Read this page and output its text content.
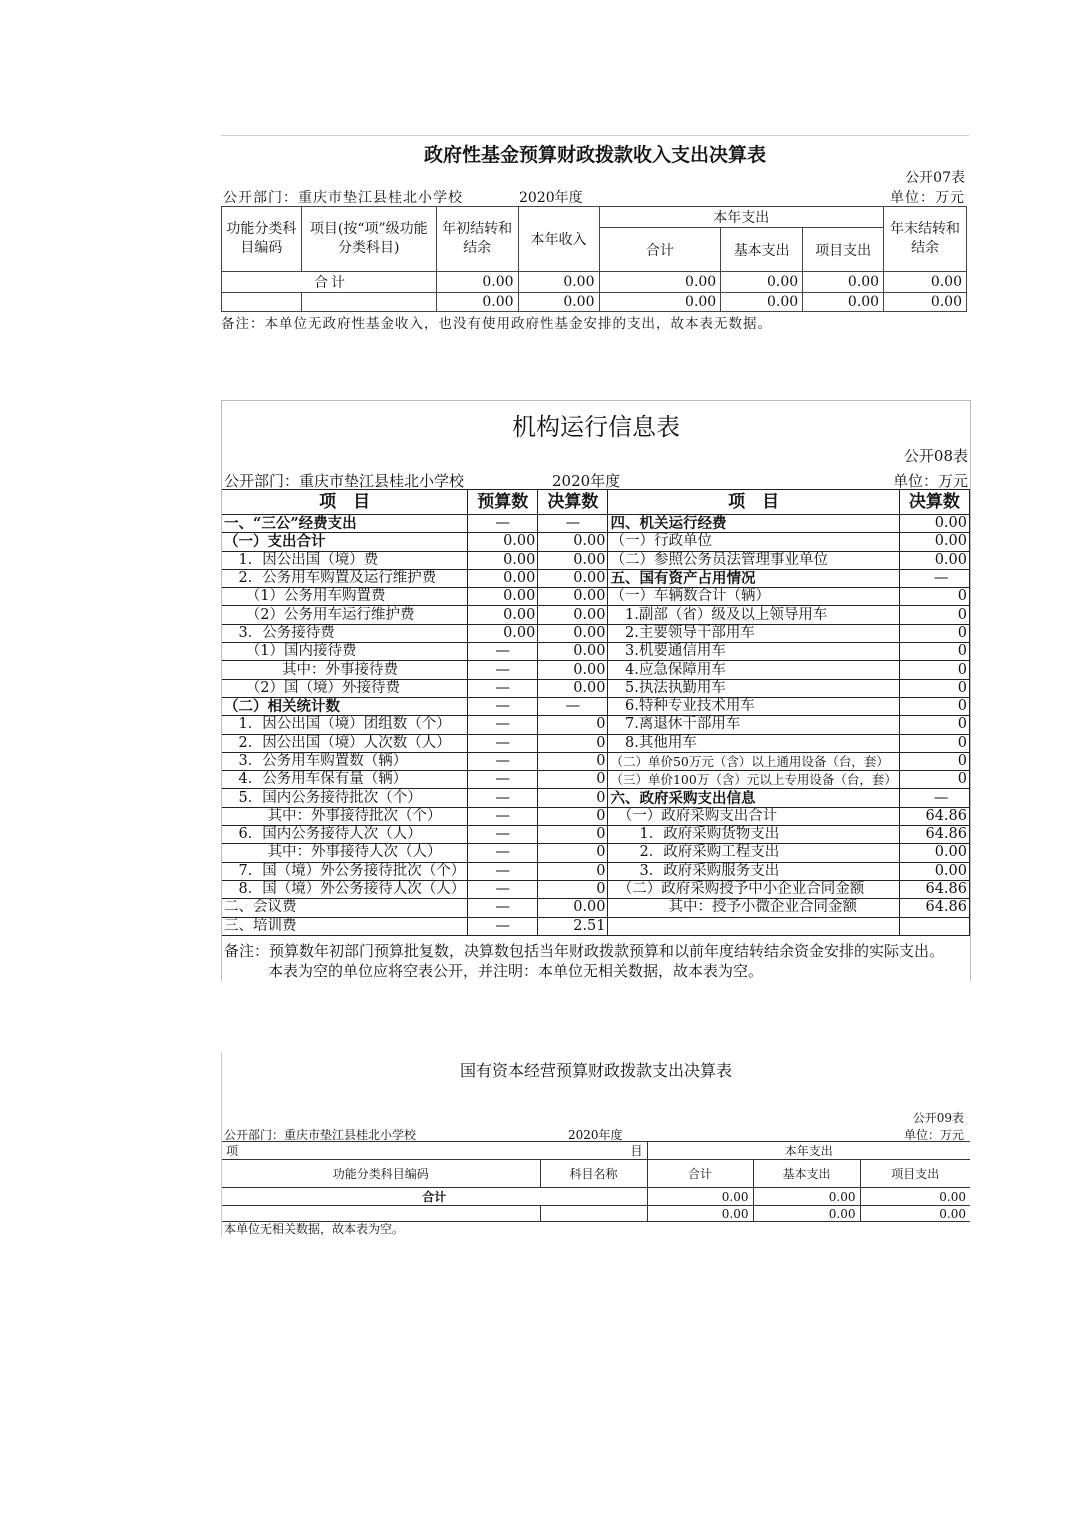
政府性基金预算财政拨款收入支出决算表
公开07表
公开部门：重庆市垫江县桂北小学校	2020年度	单位：万元
功能分类科目编码	项目(按“项”级功能分类科目)	年初结转和结余	本年收入	本年支出			年末结转和结余
				合计	基本支出	项目支出	
合计		0.00	0.00	0.00	0.00	0.00	0.00
		0.00	0.00	0.00	0.00	0.00	0.00
备注：本单位无政府性基金收入，也没有使用政府性基金安排的支出，故本表无数据。
机构运行信息表
公开08表
公开部门：重庆市垫江县桂北小学校	2020年度	单位：万元
项　目	预算数	决算数	项　目	决算数
一、“三公”经费支出	—	—	四、机关运行经费	0.00
（一）支出合计	0.00	0.00	（一）行政单位	0.00
　1．因公出国（境）费	0.00	0.00	（二）参照公务员法管理事业单位	0.00
　2．公务用车购置及运行维护费	0.00	0.00	五、国有资产占用情况	—
　　（1）公务用车购置费	0.00	0.00	（一）车辆数合计（辆）	0
　　（2）公务用车运行维护费	0.00	0.00	　1.副部（省）级及以上领导用车	0
　3．公务接待费	0.00	0.00	　2.主要领导干部用车	0
　　（1）国内接待费	—	0.00	　3.机要通信用车	0
　　　　其中：外事接待费	—	0.00	　4.应急保障用车	0
　　（2）国（境）外接待费	—	0.00	　5.执法执勤用车	0
（二）相关统计数	—	—	　6.特种专业技术用车	0
　1．因公出国（境）团组数（个）	—	0	　7.离退休干部用车	0
　2．因公出国（境）人次数（人）	—	0	　8.其他用车	0
　3．公务用车购置数（辆）	—	0	（二）单价50万元（含）以上通用设备（台，套）	0
　4．公务用车保有量（辆）	—	0	（三）单价100万（含）元以上专用设备（台，套）	0
　5．国内公务接待批次（个）	—	0	六、政府采购支出信息	—
　　　其中：外事接待批次（个）	—	0	　（一）政府采购支出合计	64.86
　6．国内公务接待人次（人）	—	0	　　1．政府采购货物支出	64.86
　　　其中：外事接待人次（人）	—	0	　　2．政府采购工程支出	0.00
　7．国（境）外公务接待批次（个）	—	0	　　3．政府采购服务支出	0.00
　8．国（境）外公务接待人次（人）	—	0	　（二）政府采购授予中小企业合同金额	64.86
二、会议费	—	0.00	　　　　其中：授予小微企业合同金额	64.86
三、培训费	—	2.51		
备注：预算数年初部门预算批复数，决算数包括当年财政拨款预算和以前年度结转结余资金安排的实际支出。
本表为空的单位应将空表公开，并注明：本单位无相关数据，故本表为空。
国有资本经营预算财政拨款支出决算表
公开09表
公开部门：重庆市垫江县桂北小学校	2020年度	单位：万元
项 目		本年支出		
功能分类科目编码	科目名称	合计	基本支出	项目支出
合计		0.00	0.00	0.00
		0.00	0.00	0.00
本单位无相关数据，故本表为空。
